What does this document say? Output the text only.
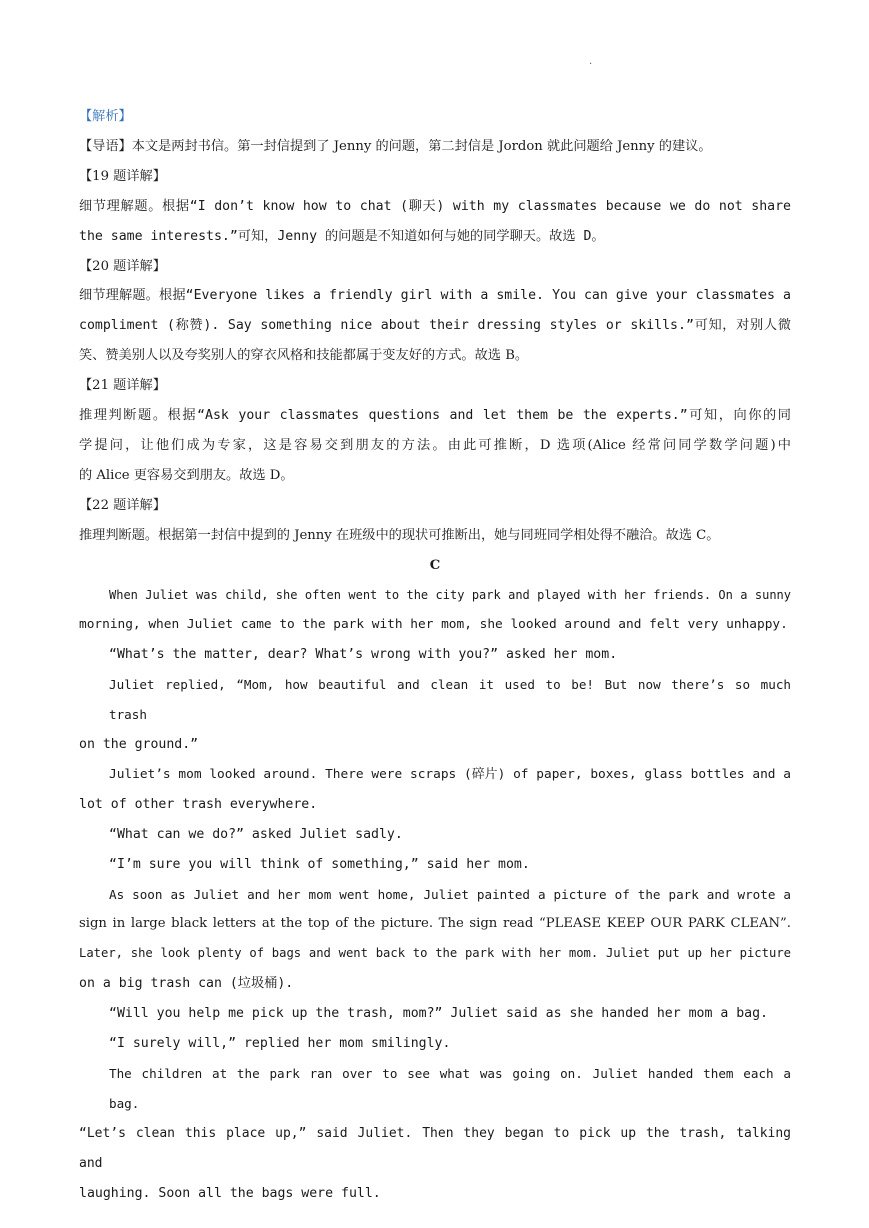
.
【解析】
【导语】本文是两封书信。第一封信提到了 Jenny 的问题，第二封信是 Jordon 就此问题给 Jenny 的建议。
【19 题详解】
细节理解题。根据“I don’t know how to chat (聊天) with my classmates because we do not share
the same interests.”可知，Jenny 的问题是不知道如何与她的同学聊天。故选 D。
【20 题详解】
细节理解题。根据“Everyone likes a friendly girl with a smile. You can give your classmates a
compliment (称赞). Say something nice about their dressing styles or skills.”可知，对别人微
笑、赞美别人以及夸奖别人的穿衣风格和技能都属于变友好的方式。故选 B。
【21 题详解】
推理判断题。根据“Ask your classmates questions and let them be the experts.”可知，向你的同
学提问，让他们成为专家，这是容易交到朋友的方法。由此可推断，D 选项(Alice 经常问同学数学问题)中
的 Alice 更容易交到朋友。故选 D。
【22 题详解】
推理判断题。根据第一封信中提到的 Jenny 在班级中的现状可推断出，她与同班同学相处得不融洽。故选 C。
C
When Juliet was child, she often went to the city park and played with her friends. On a sunny
morning, when Juliet came to the park with her mom, she looked around and felt very unhappy.
“What’s the matter, dear? What’s wrong with you?” asked her mom.
Juliet replied, “Mom, how beautiful and clean it used to be! But now there’s so much trash
on the ground.”
Juliet’s mom looked around. There were scraps (碎片) of paper, boxes, glass bottles and a
lot of other trash everywhere.
“What can we do?” asked Juliet sadly.
“I’m sure you will think of something,” said her mom.
As soon as Juliet and her mom went home, Juliet painted a picture of the park and wrote a
sign in large black letters at the top of the picture. The sign read “PLEASE KEEP OUR PARK CLEAN”.
Later, she look plenty of bags and went back to the park with her mom. Juliet put up her picture
on a big trash can (垃圾桶).
“Will you help me pick up the trash, mom?” Juliet said as she handed her mom a bag.
“I surely will,” replied her mom smilingly.
The children at the park ran over to see what was going on. Juliet handed them each a bag.
“Let’s clean this place up,” said Juliet. Then they began to pick up the trash, talking and
laughing. Soon all the bags were full.
